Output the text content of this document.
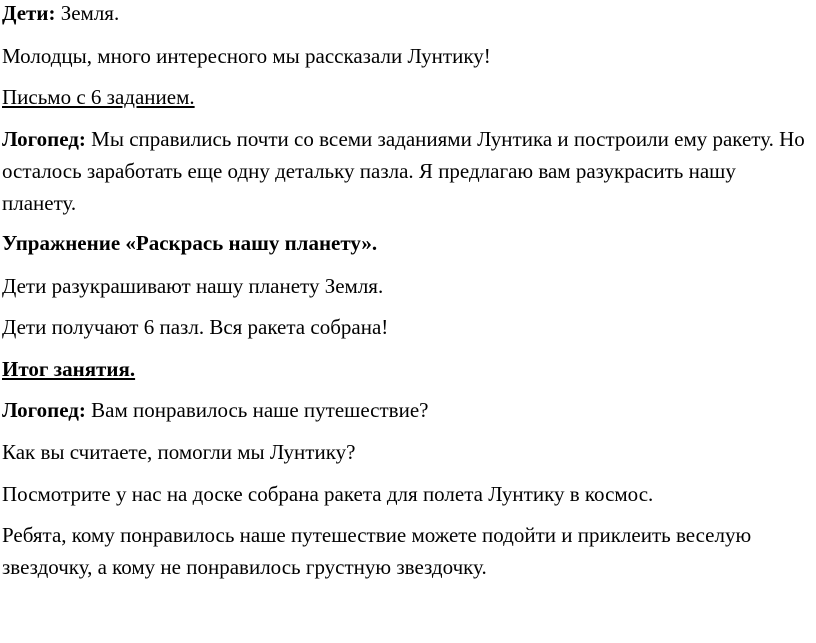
Дети: Земля.

Молодцы, много интересного мы рассказали Лунтику!

Письмо с 6 заданием.

Логопед: Мы справились почти со всеми заданиями Лунтика и построили ему ракету. Но осталось заработать еще одну детальку пазла. Я предлагаю вам разукрасить нашу планету.

Упражнение «Раскрась нашу планету».

Дети разукрашивают нашу планету Земля.

Дети получают 6 пазл. Вся ракета собрана!

Итог занятия.

Логопед: Вам понравилось наше путешествие?

Как вы считаете, помогли мы Лунтику?

Посмотрите у нас на доске собрана ракета для полета Лунтику в космос.

Ребята, кому понравилось наше путешествие можете подойти и приклеить веселую звездочку, а кому не понравилось грустную звездочку.
